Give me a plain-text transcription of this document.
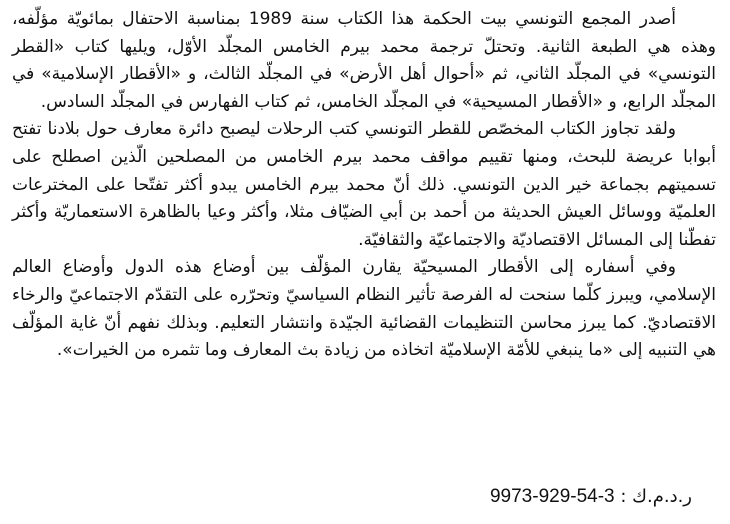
أصدر المجمع التونسي بيت الحكمة هذا الكتاب سنة 1989 بمناسبة الاحتفال بمائويّة مؤلّفه، وهذه هي الطبعة الثانية. وتحتلّ ترجمة محمد بيرم الخامس المجلّد الأوّل، ويليها كتاب «القطر التونسي» في المجلّد الثاني، ثم «أحوال أهل الأرض» في المجلّد الثالث، و «الأقطار الإسلامية» في المجلّد الرابع، و «الأقطار المسيحية» في المجلّد الخامس، ثم كتاب الفهارس في المجلّد السادس.

ولقد تجاوز الكتاب المخصّص للقطر التونسي كتب الرحلات ليصبح دائرة معارف حول بلادنا تفتح أبوابا عريضة للبحث، ومنها تقييم مواقف محمد بيرم الخامس من المصلحين الّذين اصطلح على تسميتهم بجماعة خير الدين التونسي. ذلك أنّ محمد بيرم الخامس يبدو أكثر تفتّحا على المخترعات العلميّة ووسائل العيش الحديثة من أحمد بن أبي الضيّاف مثلا، وأكثر وعيا بالظاهرة الاستعماريّة وأكثر تفطّنا إلى المسائل الاقتصاديّة والاجتماعيّة والثقافيّة.

وفي أسفاره إلى الأقطار المسيحيّة يقارن المؤلّف بين أوضاع هذه الدول وأوضاع العالم الإسلامي، ويبرز كلّما سنحت له الفرصة تأثير النظام السياسيّ وتحرّره على التقدّم الاجتماعيّ والرخاء الاقتصاديّ. كما يبرز محاسن التنظيمات القضائية الجيّدة وانتشار التعليم. وبذلك نفهم أنّ غاية المؤلّف هي التنبيه إلى «ما ينبغي للأمّة الإسلاميّة اتخاذه من زيادة بث المعارف وما تثمره من الخيرات».

ر.د.م.ك : 9973-929-54-3
